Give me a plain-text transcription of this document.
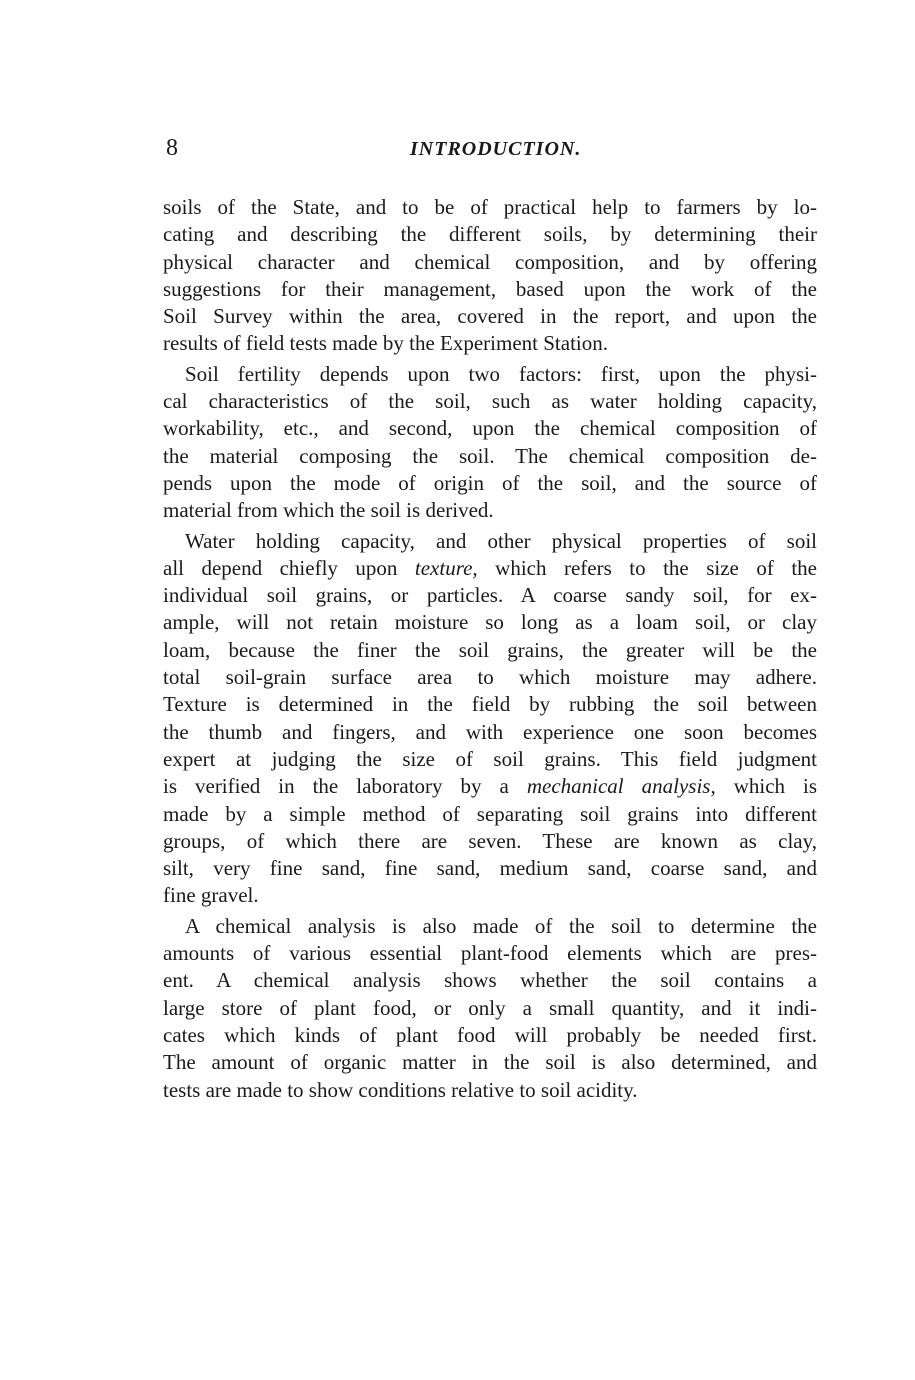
8	INTRODUCTION.

soils of the State, and to be of practical help to farmers by lo-
cating and describing the different soils, by determining their
physical character and chemical composition, and by offering
suggestions for their management, based upon the work of the
Soil Survey within the area, covered in the report, and upon the
results of field tests made by the Experiment Station.

Soil fertility depends upon two factors: first, upon the physi-
cal characteristics of the soil, such as water holding capacity,
workability, etc., and second, upon the chemical composition of
the material composing the soil. The chemical composition de-
pends upon the mode of origin of the soil, and the source of
material from which the soil is derived.

Water holding capacity, and other physical properties of soil
all depend chiefly upon texture, which refers to the size of the
individual soil grains, or particles. A coarse sandy soil, for ex-
ample, will not retain moisture so long as a loam soil, or clay
loam, because the finer the soil grains, the greater will be the
total soil-grain surface area to which moisture may adhere.
Texture is determined in the field by rubbing the soil between
the thumb and fingers, and with experience one soon becomes
expert at judging the size of soil grains. This field judgment
is verified in the laboratory by a mechanical analysis, which is
made by a simple method of separating soil grains into different
groups, of which there are seven. These are known as clay,
silt, very fine sand, fine sand, medium sand, coarse sand, and
fine gravel.

A chemical analysis is also made of the soil to determine the
amounts of various essential plant-food elements which are pres-
ent. A chemical analysis shows whether the soil contains a
large store of plant food, or only a small quantity, and it indi-
cates which kinds of plant food will probably be needed first.
The amount of organic matter in the soil is also determined, and
tests are made to show conditions relative to soil acidity.
